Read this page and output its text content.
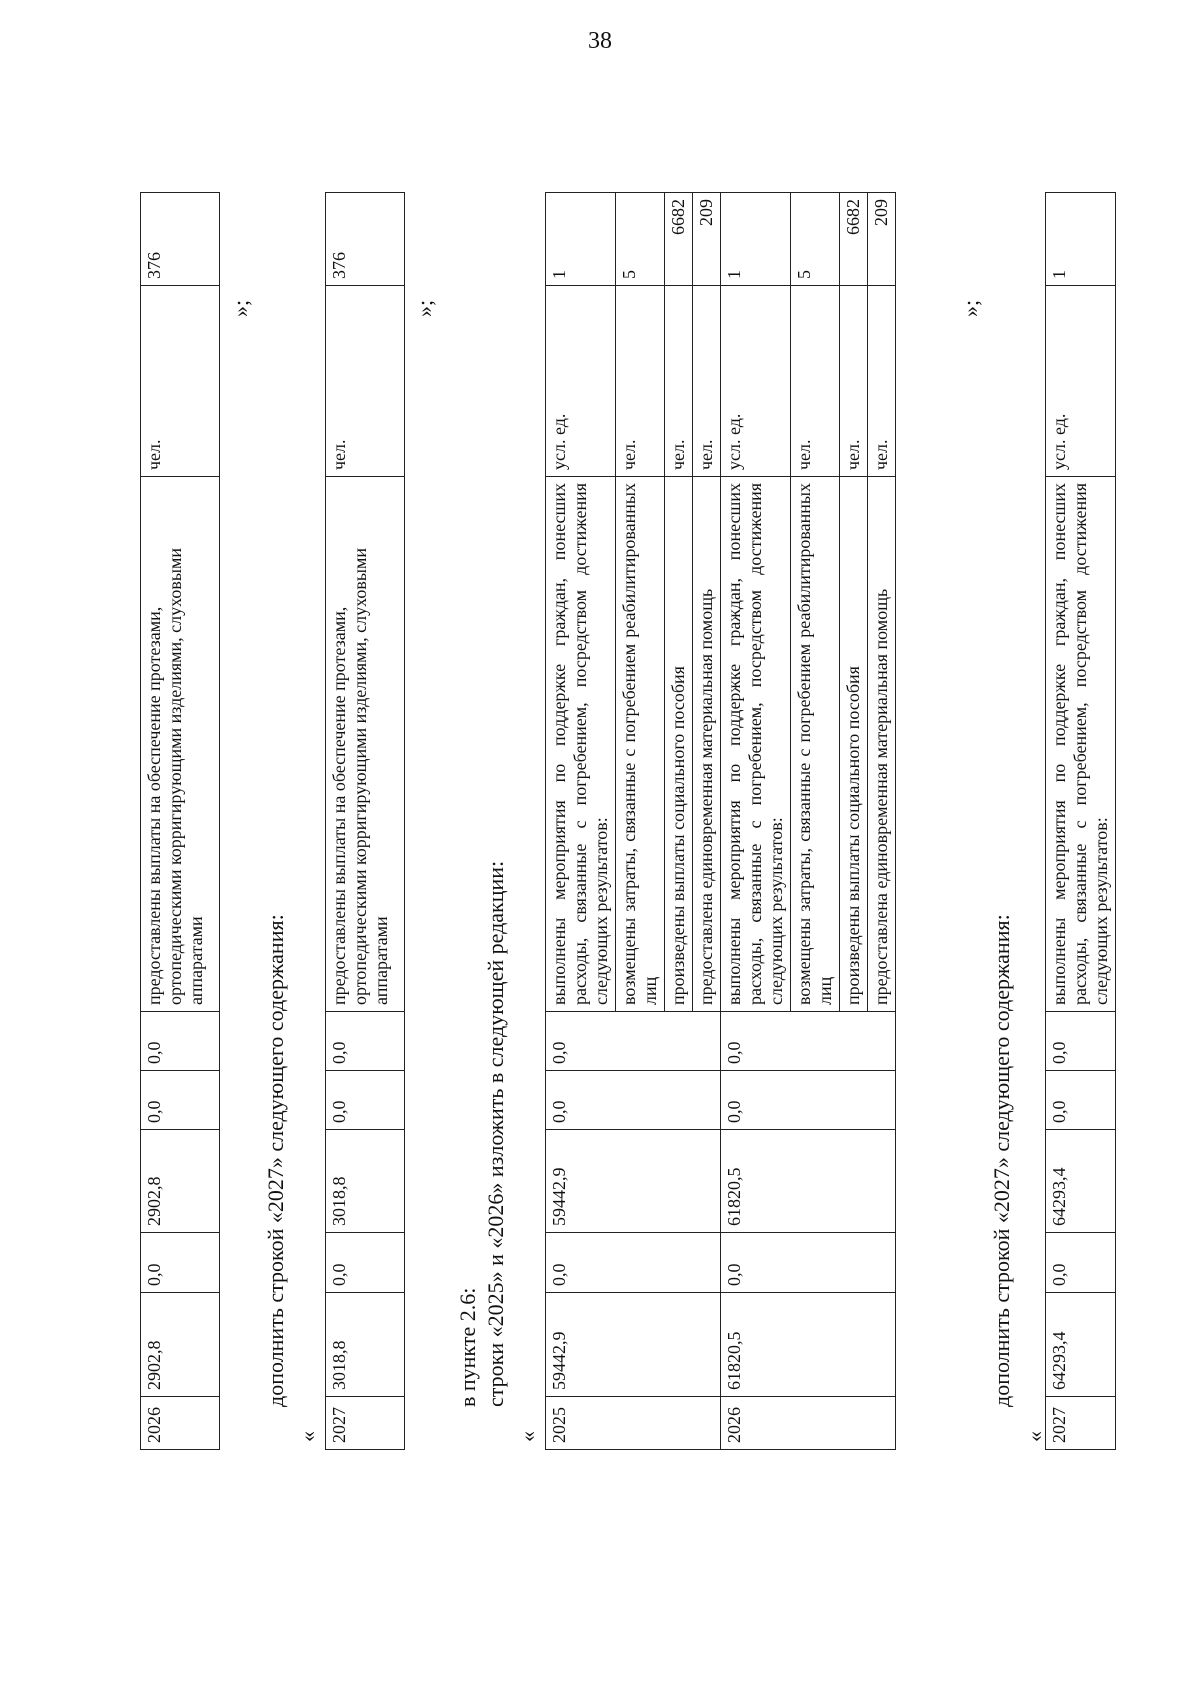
38
2026	2902,8	0,0	2902,8	0,0	0,0	предоставлены выплаты на обеспечение протезами, ортопедическими корригирующими изделиями, слуховыми аппаратами	чел.	376
»;
дополнить строкой «2027» следующего содержания:
« 2027	3018,8	0,0	3018,8	0,0	0,0	предоставлены выплаты на обеспечение протезами, ортопедическими корригирующими изделиями, слуховыми аппаратами	чел.	376
»;
в пункте 2.6: строки «2025» и «2026» изложить в следующей редакции:
« 2025	59442,9	0,0	59442,9	0,0	0,0	выполнены мероприятия по поддержке граждан, понесших расходы, связанные с погребением, посредством достижения следующих результатов:	усл. ед.	1
						возмещены затраты, связанные с погребением реабилитированных лиц	чел.	5
						произведены выплаты социального пособия	чел.	6682
						предоставлена единовременная материальная помощь	чел.	209
2026	61820,5	0,0	61820,5	0,0	0,0	выполнены мероприятия по поддержке граждан, понесших расходы, связанные с погребением, посредством достижения следующих результатов:	усл. ед.	1
						возмещены затраты, связанные с погребением реабилитированных лиц	чел.	5
						произведены выплаты социального пособия	чел.	6682
						предоставлена единовременная материальная помощь	чел.	209
»;
дополнить строкой «2027» следующего содержания:
« 2027	64293,4	0,0	64293,4	0,0	0,0	выполнены мероприятия по поддержке граждан, понесших расходы, связанные с погребением, посредством достижения следующих результатов:	усл. ед.	1
